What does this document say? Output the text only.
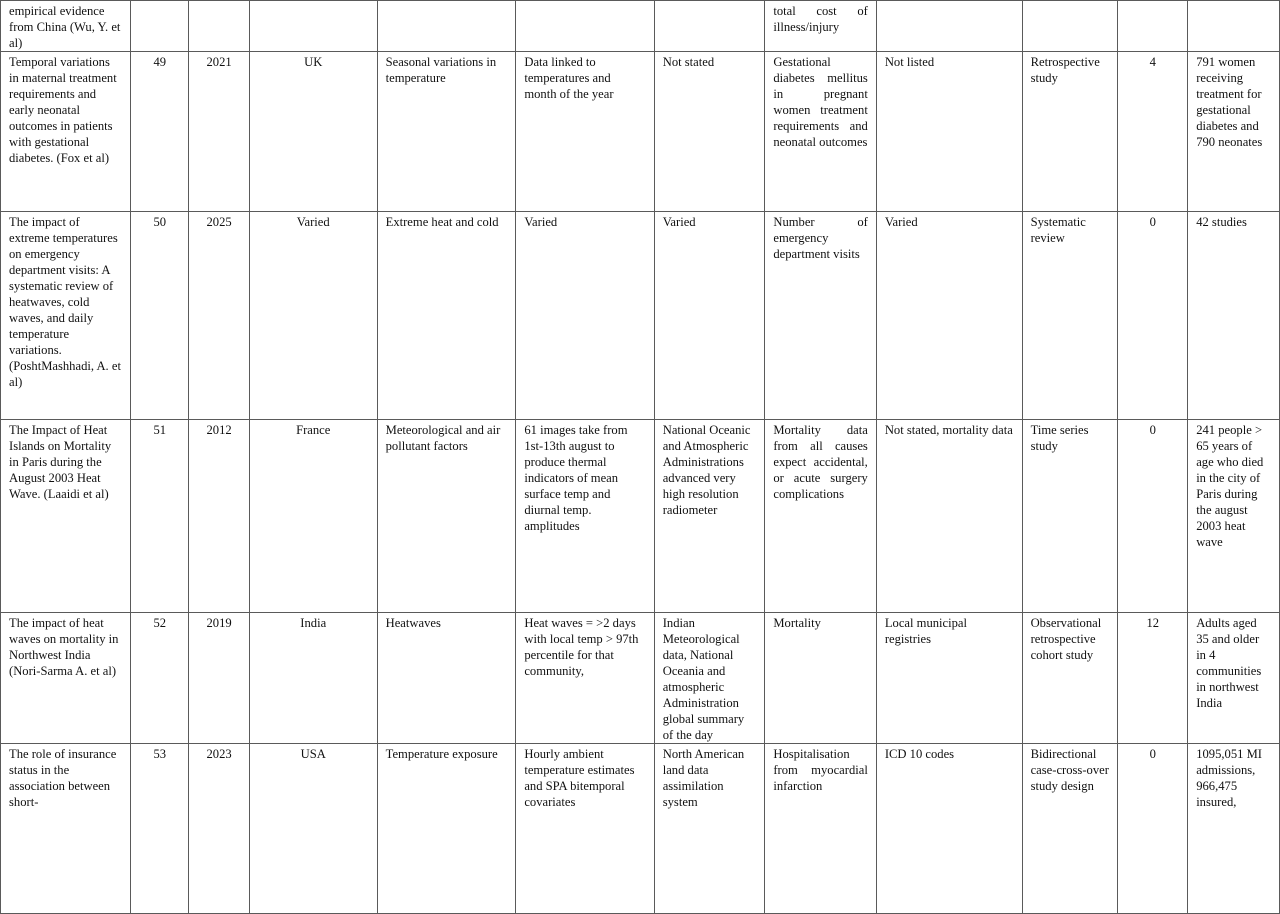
empirical evidence from China (Wu, Y. et al)							total cost of illness/injury				
Temporal variations in maternal treatment requirements and early neonatal outcomes in patients with gestational diabetes. (Fox et al)	49	2021	UK	Seasonal variations in temperature	Data linked to temperatures and month of the year	Not stated	Gestational diabetes mellitus in pregnant women treatment requirements and neonatal outcomes	Not listed	Retrospective study	4	791 women receiving treatment for gestational diabetes and 790 neonates
The impact of extreme temperatures on emergency department visits: A systematic review of heatwaves, cold waves, and daily temperature variations. (PoshtMashhadi, A. et al)	50	2025	Varied	Extreme heat and cold	Varied	Varied	Number of emergency department visits	Varied	Systematic review	0	42 studies
The Impact of Heat Islands on Mortality in Paris during the August 2003 Heat Wave. (Laaidi et al)	51	2012	France	Meteorological and air pollutant factors	61 images take from 1st-13th august to produce thermal indicators of mean surface temp and diurnal temp. amplitudes	National Oceanic and Atmospheric Administrations advanced very high resolution radiometer	Mortality data from all causes expect accidental, or acute surgery complications	Not stated, mortality data	Time series study	0	241 people > 65 years of age who died in the city of Paris during the august 2003 heat wave
The impact of heat waves on mortality in Northwest India (Nori-Sarma A. et al)	52	2019	India	Heatwaves	Heat waves = >2 days with local temp > 97th percentile for that community,	Indian Meteorological data, National Oceania and atmospheric Administration global summary of the day	Mortality	Local municipal registries	Observational retrospective cohort study	12	Adults aged 35 and older in 4 communities in northwest India
The role of insurance status in the association between short-	53	2023	USA	Temperature exposure	Hourly ambient temperature estimates and SPA bitemporal covariates	North American land data assimilation system	Hospitalisation from myocardial infarction	ICD 10 codes	Bidirectional case-cross-over study design	0	1095,051 MI admissions, 966,475 insured,
